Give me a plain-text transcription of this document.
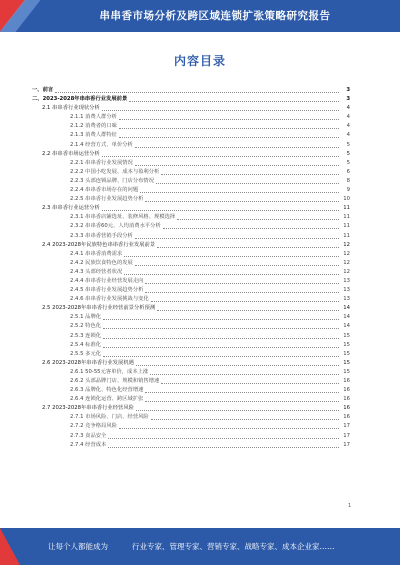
串串香市场分析及跨区域连锁扩张策略研究报告
内容目录
一、前言	3
二、2023-2028年串串香行业发展前景	3
2.1 串串香行业现状分析	4
2.1.1 消费人群分析	4
2.1.2 消费者的口味	4
2.1.3 消费人群特征	4
2.1.4 经营方式、单价分析	5
2.2 串串香市场运营分析	5
2.2.1 串串香行业发展情况	5
2.2.2 中国小吃发展、成本与盈利分析	6
2.2.3 头部连锁品牌、门店分布情况	8
2.2.4 串串香市场存在的问题	9
2.2.5 串串香行业发展趋势分析	10
2.3 串串香行业运营分析	11
2.3.1 串串香店铺选址、装修风格、规模选择	11
2.3.2 串串香60元、人均消费水平分析	11
2.3.3 串串香营销手段分析	11
2.4 2023-2028年民族特色串串香行业发展前景	12
2.4.1 串串香消费需求	12
2.4.2 民族饮食特色的发展	12
2.4.3 头部经营者状况	12
2.4.4 串串香行业经营发展走向	13
2.4.5 串串香行业发展趋势分析	13
2.4.6 串串香行业发展挑战与变化	13
2.5 2023-2028年串串香行业经营前景分析预测	14
2.5.1 品牌化	14
2.5.2 特色化	14
2.5.3 连锁化	15
2.5.4 标准化	15
2.5.5 多元化	15
2.6 2023-2028年串串香行业发展机遇	15
2.6.1 50-55元客单价，成本上涨	15
2.6.2 头部品牌门店、规模和销售增速	16
2.6.3 品牌化、特色化经营增速	16
2.6.4 连锁化运营、跨区域扩张	16
2.7 2023-2028年串串香行业经营风险	16
2.7.1 市场风险、门店、经营风险	16
2.7.2 竞争格局风险	17
2.7.3 食品安全	17
2.7.4 经营成本	17
1
让每个人都能成为	行业专家、管理专家、营销专家、战略专家、成本企业家……
